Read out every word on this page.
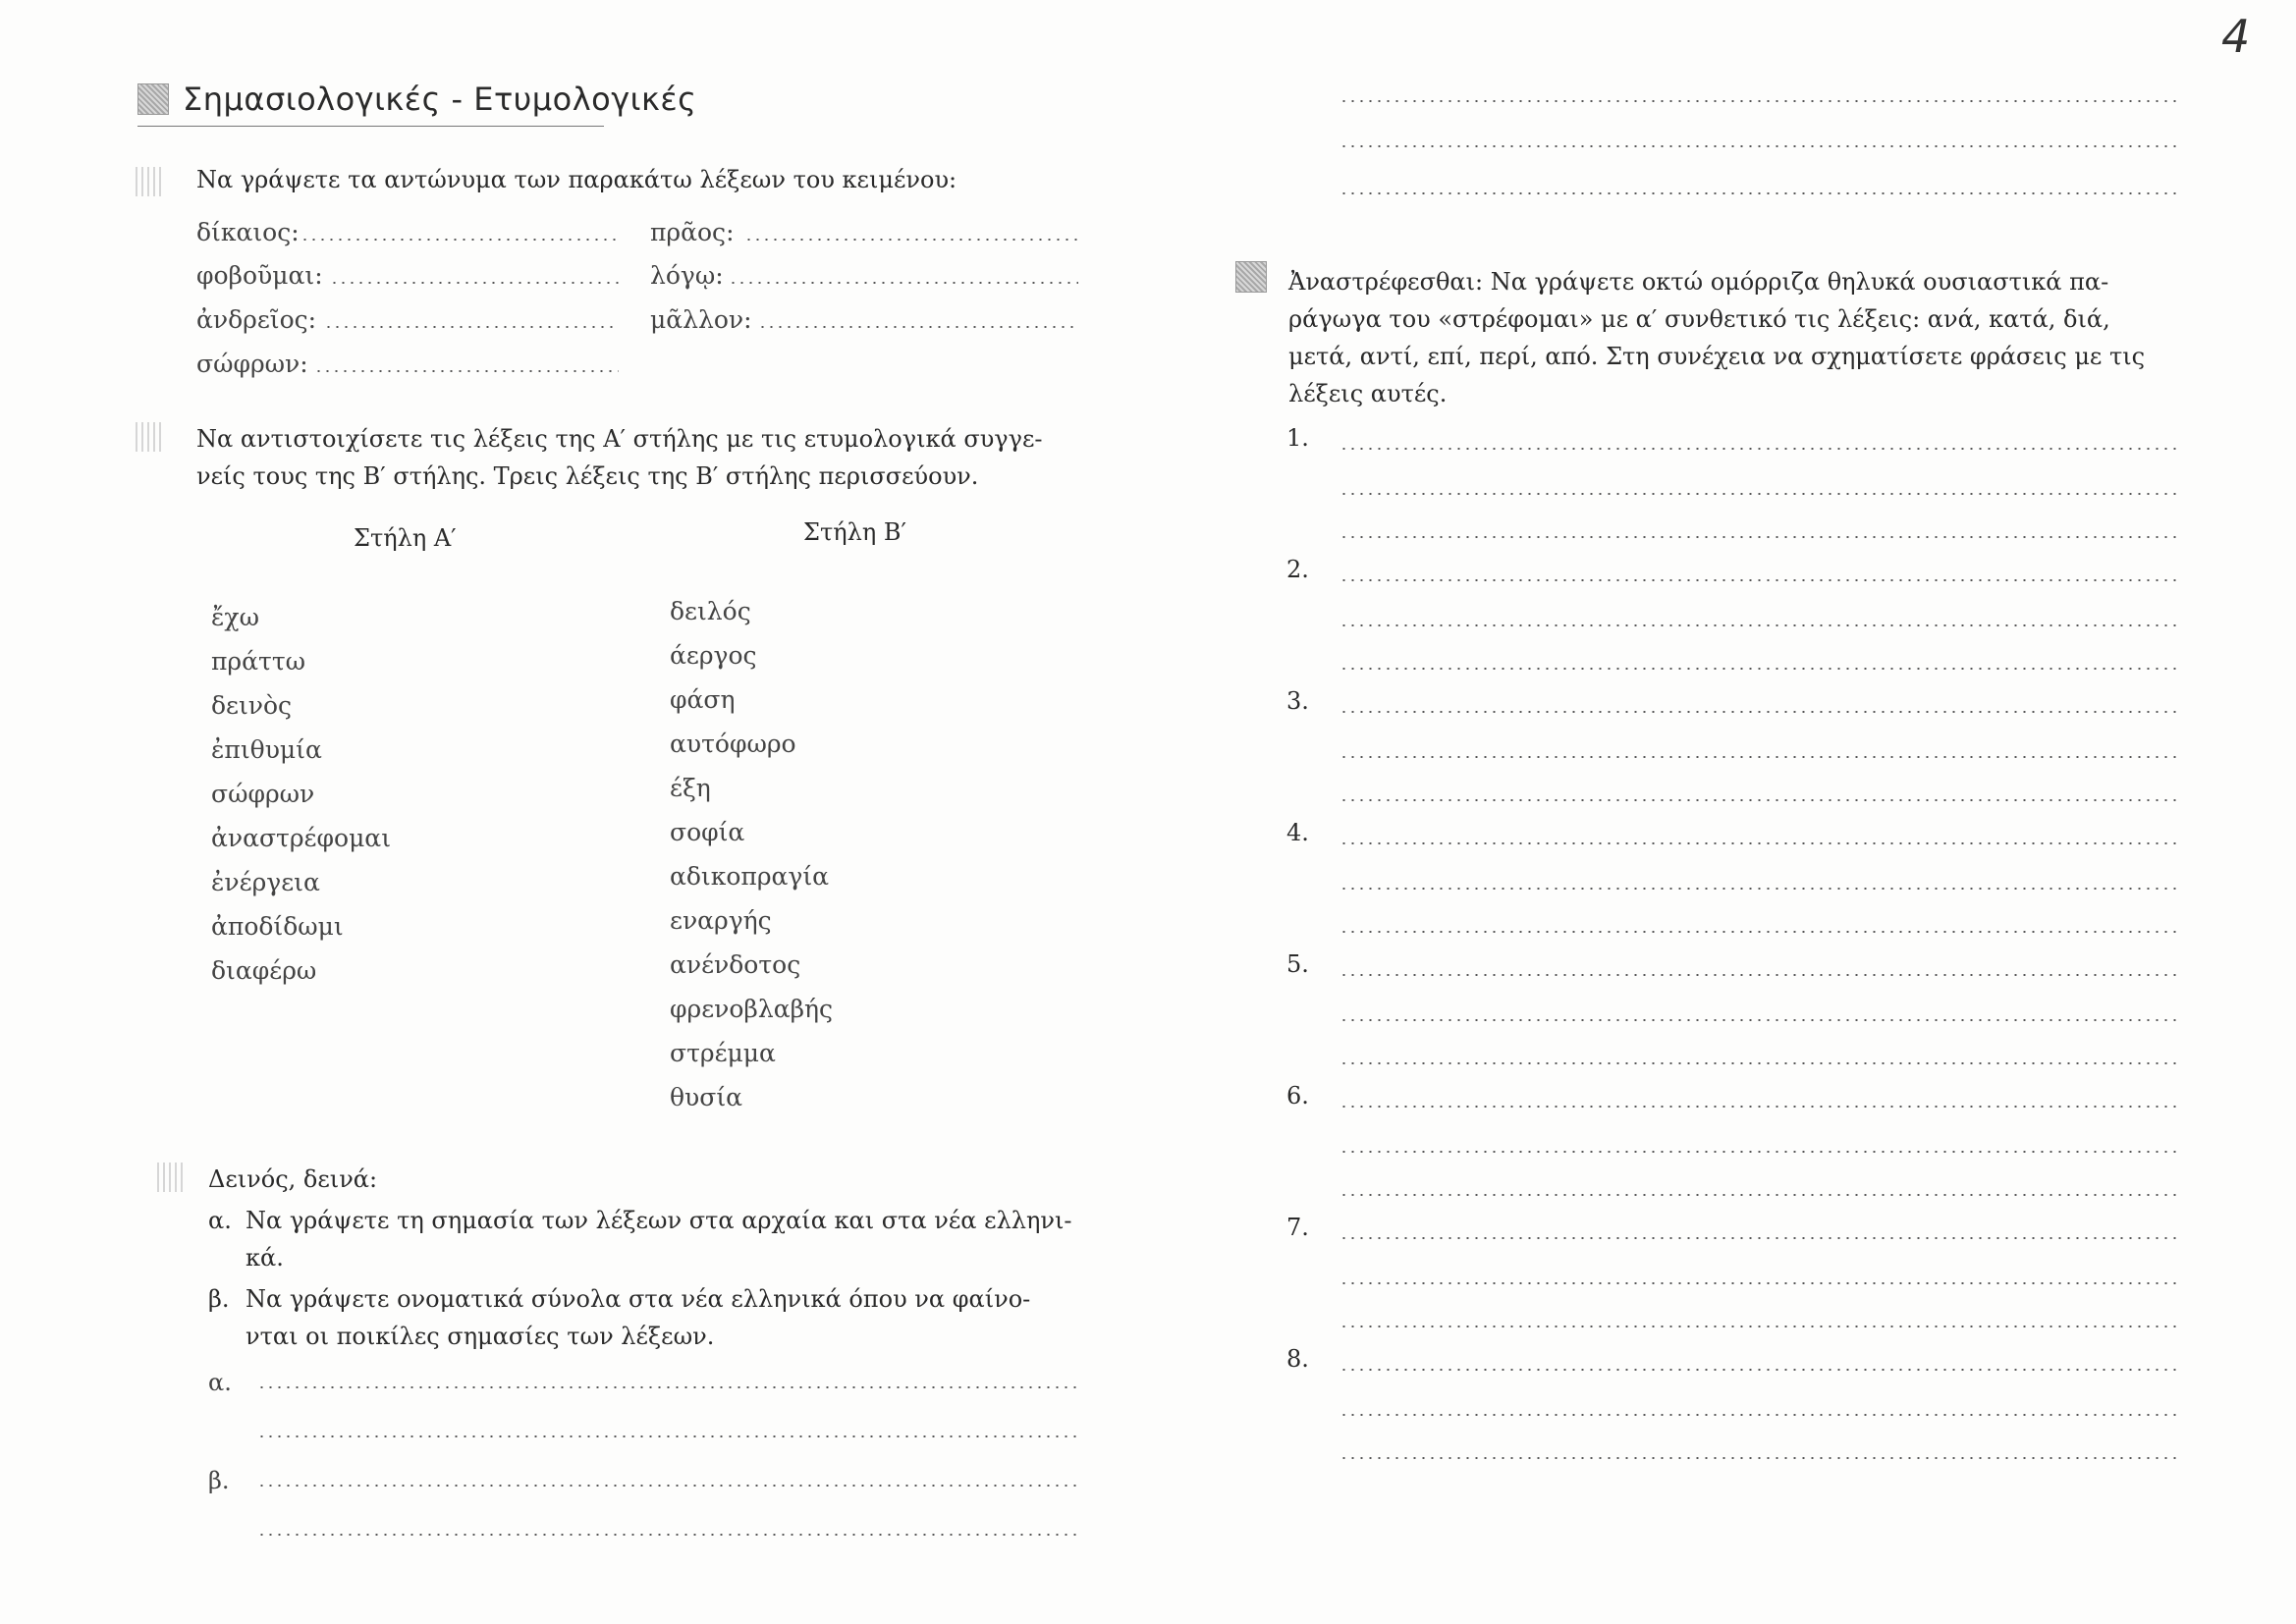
4
Σημασιολογικές - Ετυμολογικές
Να γράψετε τα αντώνυμα των παρακάτω λέξεων του κειμένου:
δίκαιος:
φοβοῦμαι:
ἀνδρεῖος:
σώφρων:
πρᾶος:
λόγῳ:
μᾶλλον:
Να αντιστοιχίσετε τις λέξεις της Α′ στήλης με τις ετυμολογικά συγγε-
νείς τους της Β′ στήλης. Τρεις λέξεις της Β′ στήλης περισσεύουν.
Στήλη Α′	Στήλη Β′
ἔχω
πράττω
δεινὸς
ἐπιθυμία
σώφρων
ἀναστρέφομαι
ἐνέργεια
ἀποδίδωμι
διαφέρω
δειλός
άεργος
φάση
αυτόφωρο
έξη
σοφία
αδικοπραγία
εναργής
ανένδοτος
φρενοβλαβής
στρέμμα
θυσία
Δεινός, δεινά:
α. Να γράψετε τη σημασία των λέξεων στα αρχαία και στα νέα ελληνι-
κά.
β. Να γράψετε ονοματικά σύνολα στα νέα ελληνικά όπου να φαίνο-
νται οι ποικίλες σημασίες των λέξεων.
α.
β.
Ἀναστρέφεσθαι: Να γράψετε οκτώ ομόρριζα θηλυκά ουσιαστικά πα-
ράγωγα του «στρέφομαι» με α′ συνθετικό τις λέξεις: ανά, κατά, διά,
μετά, αντί, επί, περί, από. Στη συνέχεια να σχηματίσετε φράσεις με τις
λέξεις αυτές.
1.
2.
3.
4.
5.
6.
7.
8.
